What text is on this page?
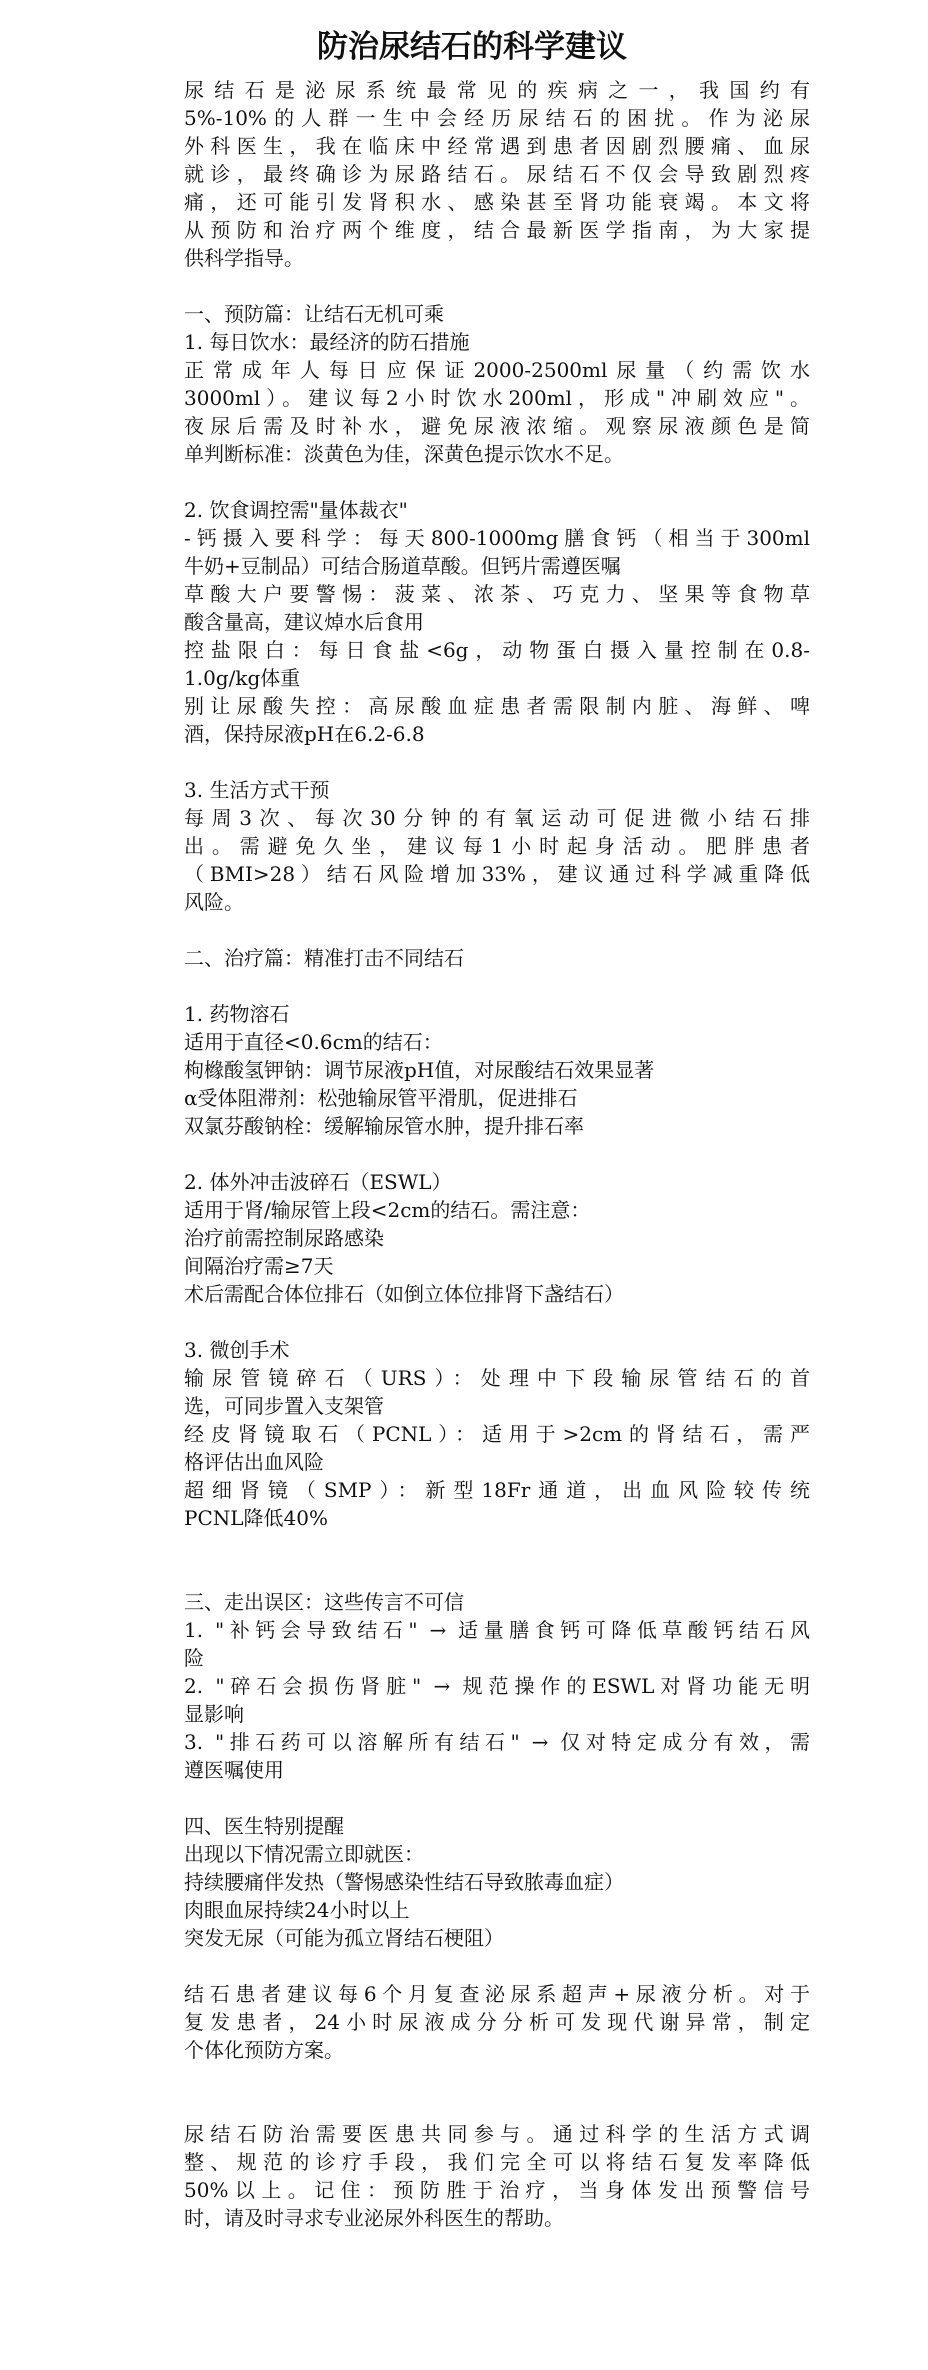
防治尿结石的科学建议
尿结石是泌尿系统最常见的疾病之一，我国约有
5%-10%的人群一生中会经历尿结石的困扰。作为泌尿
外科医生，我在临床中经常遇到患者因剧烈腰痛、血尿
就诊，最终确诊为尿路结石。尿结石不仅会导致剧烈疼
痛，还可能引发肾积水、感染甚至肾功能衰竭。本文将
从预防和治疗两个维度，结合最新医学指南，为大家提
供科学指导。
一、预防篇：让结石无机可乘
1. 每日饮水：最经济的防石措施
正常成年人每日应保证2000-2500ml尿量（约需饮水
3000ml）。建议每2小时饮水200ml，形成"冲刷效应"。
夜尿后需及时补水，避免尿液浓缩。观察尿液颜色是简
单判断标准：淡黄色为佳，深黄色提示饮水不足。
2. 饮食调控需"量体裁衣"
-钙摄入要科学：每天800-1000mg膳食钙（相当于300ml
牛奶+豆制品）可结合肠道草酸。但钙片需遵医嘱
草酸大户要警惕：菠菜、浓茶、巧克力、坚果等食物草
酸含量高，建议焯水后食用
控盐限白：每日食盐<6g，动物蛋白摄入量控制在0.8-
1.0g/kg体重
别让尿酸失控：高尿酸血症患者需限制内脏、海鲜、啤
酒，保持尿液pH在6.2-6.8
3. 生活方式干预
每周3次、每次30分钟的有氧运动可促进微小结石排
出。需避免久坐，建议每1小时起身活动。肥胖患者
（BMI>28）结石风险增加33%，建议通过科学减重降低
风险。
二、治疗篇：精准打击不同结石
1. 药物溶石
适用于直径<0.6cm的结石：
枸橼酸氢钾钠：调节尿液pH值，对尿酸结石效果显著
α受体阻滞剂：松弛输尿管平滑肌，促进排石
双氯芬酸钠栓：缓解输尿管水肿，提升排石率
2. 体外冲击波碎石（ESWL）
适用于肾/输尿管上段<2cm的结石。需注意：
治疗前需控制尿路感染
间隔治疗需≥7天
术后需配合体位排石（如倒立体位排肾下盏结石）
3. 微创手术
输尿管镜碎石（URS）：处理中下段输尿管结石的首
选，可同步置入支架管
经皮肾镜取石（PCNL）：适用于>2cm的肾结石，需严
格评估出血风险
超细肾镜（SMP）：新型18Fr通道，出血风险较传统
PCNL降低40%
三、走出误区：这些传言不可信
1. "补钙会导致结石" → 适量膳食钙可降低草酸钙结石风
险
2. "碎石会损伤肾脏" → 规范操作的ESWL对肾功能无明
显影响
3. "排石药可以溶解所有结石" → 仅对特定成分有效，需
遵医嘱使用
四、医生特别提醒
出现以下情况需立即就医：
持续腰痛伴发热（警惕感染性结石导致脓毒血症）
肉眼血尿持续24小时以上
突发无尿（可能为孤立肾结石梗阻）
结石患者建议每6个月复查泌尿系超声+尿液分析。对于
复发患者，24小时尿液成分分析可发现代谢异常，制定
个体化预防方案。
尿结石防治需要医患共同参与。通过科学的生活方式调
整、规范的诊疗手段，我们完全可以将结石复发率降低
50%以上。记住：预防胜于治疗，当身体发出预警信号
时，请及时寻求专业泌尿外科医生的帮助。
